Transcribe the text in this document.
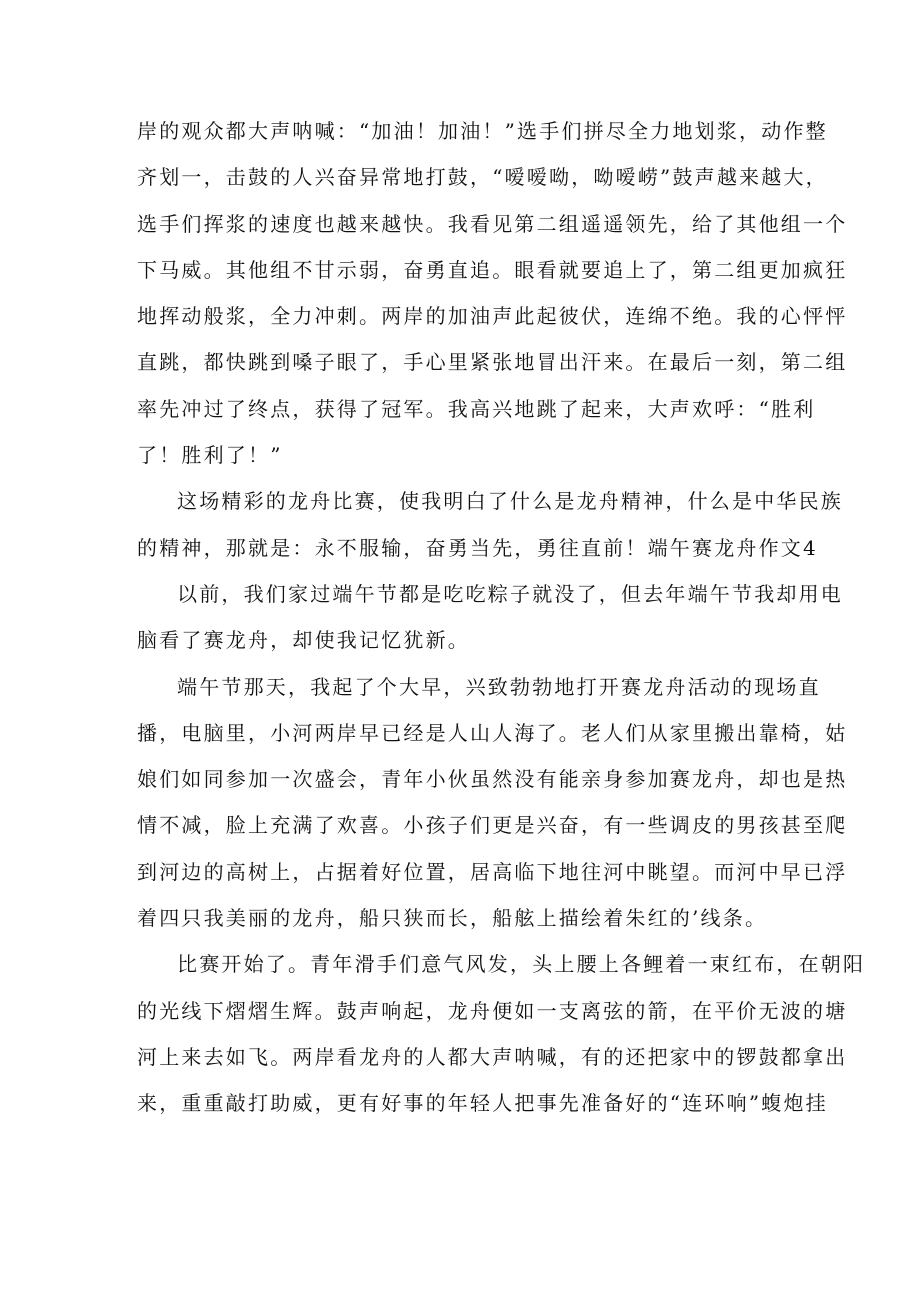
岸的观众都大声呐喊：“加油！加油！”选手们拼尽全力地划浆，动作整
齐划一，击鼓的人兴奋异常地打鼓，“嗳嗳呦，呦嗳崂”鼓声越来越大，
选手们挥浆的速度也越来越快。我看见第二组遥遥领先，给了其他组一个
下马威。其他组不甘示弱，奋勇直追。眼看就要追上了，第二组更加疯狂
地挥动般浆，全力冲刺。两岸的加油声此起彼伏，连绵不绝。我的心怦怦
直跳，都快跳到嗓子眼了，手心里紧张地冒出汗来。在最后一刻，第二组
率先冲过了终点，获得了冠军。我高兴地跳了起来，大声欢呼：“胜利
了！胜利了！”
这场精彩的龙舟比赛，使我明白了什么是龙舟精神，什么是中华民族
的精神，那就是：永不服输，奋勇当先，勇往直前！端午赛龙舟作文4
以前，我们家过端午节都是吃吃粽子就没了，但去年端午节我却用电
脑看了赛龙舟，却使我记忆犹新。
端午节那天，我起了个大早，兴致勃勃地打开赛龙舟活动的现场直
播，电脑里，小河两岸早已经是人山人海了。老人们从家里搬出靠椅，姑
娘们如同参加一次盛会，青年小伙虽然没有能亲身参加赛龙舟，却也是热
情不减，脸上充满了欢喜。小孩子们更是兴奋，有一些调皮的男孩甚至爬
到河边的高树上，占据着好位置，居高临下地往河中眺望。而河中早已浮
着四只我美丽的龙舟，船只狭而长，船舷上描绘着朱红的’线条。
比赛开始了。青年滑手们意气风发，头上腰上各鲤着一束红布，在朝阳
的光线下熠熠生辉。鼓声响起，龙舟便如一支离弦的箭，在平价无波的塘
河上来去如飞。两岸看龙舟的人都大声呐喊，有的还把家中的锣鼓都拿出
来，重重敲打助威，更有好事的年轻人把事先准备好的“连环响”蝮炮挂
